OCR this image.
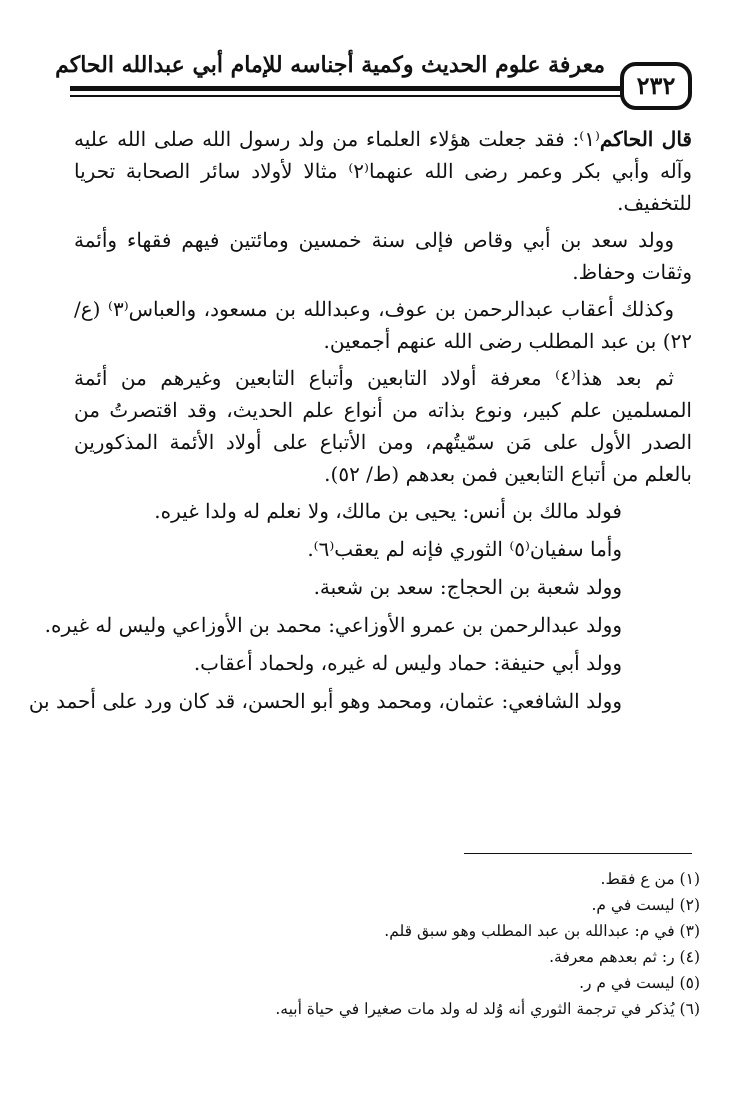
معرفة علوم الحديث وكمية أجناسه للإمام أبي عبدالله الحاكم
٢٣٢

قال الحاكم⁽١⁾: فقد جعلت هؤلاء العلماء من ولد رسول الله صلى الله عليه وآله وأبي بكر وعمر رضى الله عنهما⁽٢⁾ مثالا لأولاد سائر الصحابة تحريا للتخفيف.

وولد سعد بن أبي وقاص فإلى سنة خمسين ومائتين فيهم فقهاء وأئمة وثقات وحفاظ.

وكذلك أعقاب عبدالرحمن بن عوف، وعبدالله بن مسعود، والعباس⁽٣⁾ (ع/ ٢٢) بن عبد المطلب رضى الله عنهم أجمعين.

ثم بعد هذا⁽٤⁾ معرفة أولاد التابعين وأتباع التابعين وغيرهم من أئمة المسلمين علم كبير، ونوع بذاته من أنواع علم الحديث، وقد اقتصرتُ من الصدر الأول على مَن سمّيتُهم، ومن الأتباع على أولاد الأئمة المذكورين بالعلم من أتباع التابعين فمن بعدهم (ط/ ٥٢).

فولد مالك بن أنس: يحيى بن مالك، ولا نعلم له ولدا غيره.

وأما سفيان⁽٥⁾ الثوري فإنه لم يعقب⁽٦⁾.

وولد شعبة بن الحجاج: سعد بن شعبة.

وولد عبدالرحمن بن عمرو الأوزاعي: محمد بن الأوزاعي وليس له غيره.

وولد أبي حنيفة: حماد وليس له غيره، ولحماد أعقاب.

وولد الشافعي: عثمان، ومحمد وهو أبو الحسن، قد كان ورد على أحمد بن

(١) من ع فقط.
(٢) ليست في م.
(٣) في م: عبدالله بن عبد المطلب وهو سبق قلم.
(٤) ر: ثم بعدهم معرفة.
(٥) ليست في م ر.
(٦) يُذكر في ترجمة الثوري أنه وُلد له ولد مات صغيرا في حياة أبيه.
